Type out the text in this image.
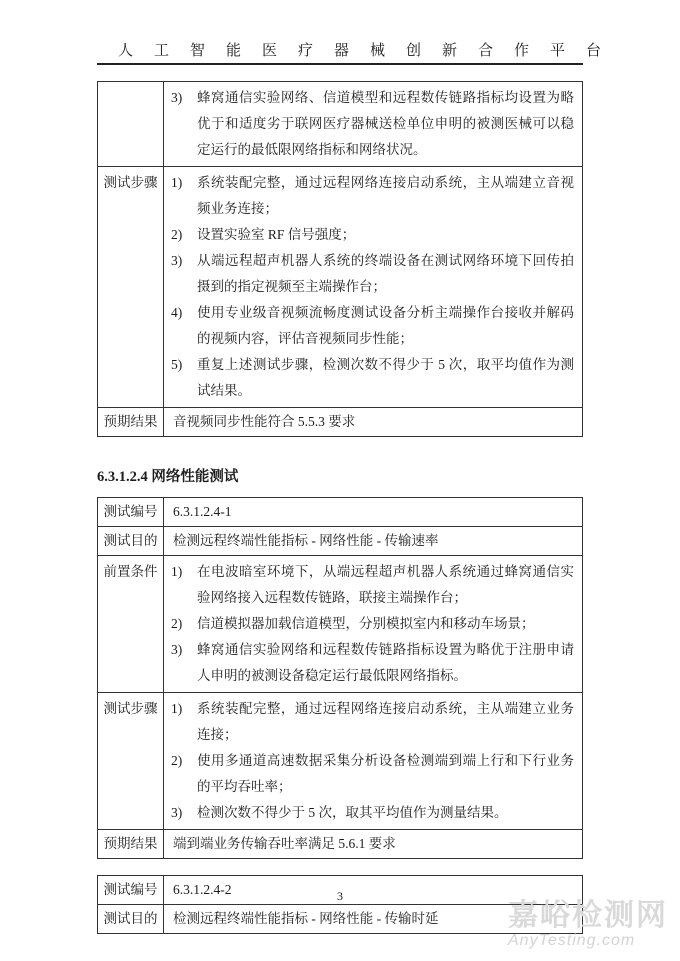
人工智能医疗器械创新合作平台

	3) 蜂窝通信实验网络、信道模型和远程数传链路指标均设置为略优于和适度劣于联网医疗器械送检单位申明的被测医械可以稳定运行的最低限网络指标和网络状况。

测试步骤	1)	系统装配完整，通过远程网络连接启动系统，主从端建立音视频业务连接；
2)	设置实验室 RF 信号强度；
3)	从端远程超声机器人系统的终端设备在测试网络环境下回传拍摄到的指定视频至主端操作台；
4)	使用专业级音视频流畅度测试设备分析主端操作台接收并解码的视频内容，评估音视频同步性能；
5)	重复上述测试步骤，检测次数不得少于 5 次，取平均值作为测试结果。

预期结果	音视频同步性能符合 5.5.3 要求
6.3.1.2.4 网络性能测试
测试编号	6.3.1.2.4-1
测试目的	检测远程终端性能指标 - 网络性能 - 传输速率
前置条件	1)	在电波暗室环境下，从端远程超声机器人系统通过蜂窝通信实验网络接入远程数传链路，联接主端操作台；
2)	信道模拟器加载信道模型，分别模拟室内和移动车场景；
3)	蜂窝通信实验网络和远程数传链路指标设置为略优于注册申请人申明的被测设备稳定运行最低限网络指标。

测试步骤	1)	系统装配完整，通过远程网络连接启动系统，主从端建立业务连接；
2)	使用多通道高速数据采集分析设备检测端到端上行和下行业务的平均吞吐率；
3)	检测次数不得少于 5 次，取其平均值作为测量结果。

预期结果	端到端业务传输吞吐率满足 5.6.1 要求
测试编号	6.3.1.2.4-2
测试目的	检测远程终端性能指标 - 网络性能 - 传输时延
3
嘉峪检测网
AnyTesting.com
